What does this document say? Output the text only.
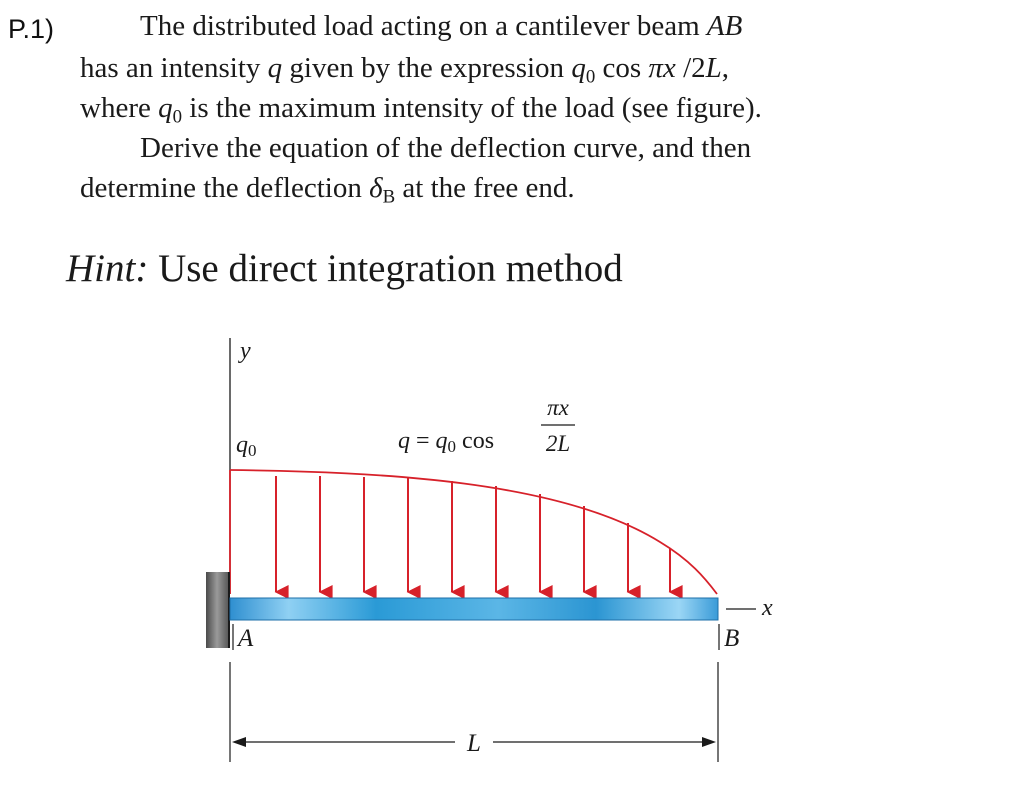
P.1)	The distributed load acting on a cantilever beam AB
has an intensity q given by the expression $q_0$ cos πx /2L,
where $q_0$ is the maximum intensity of the load (see figure).
Derive the equation of the deflection curve, and then
determine the deflection $\delta_B$ at the free end.
Hint: Use direct integration method
y
q0	q = q0 cos
πx
2L
x
A	B
L
